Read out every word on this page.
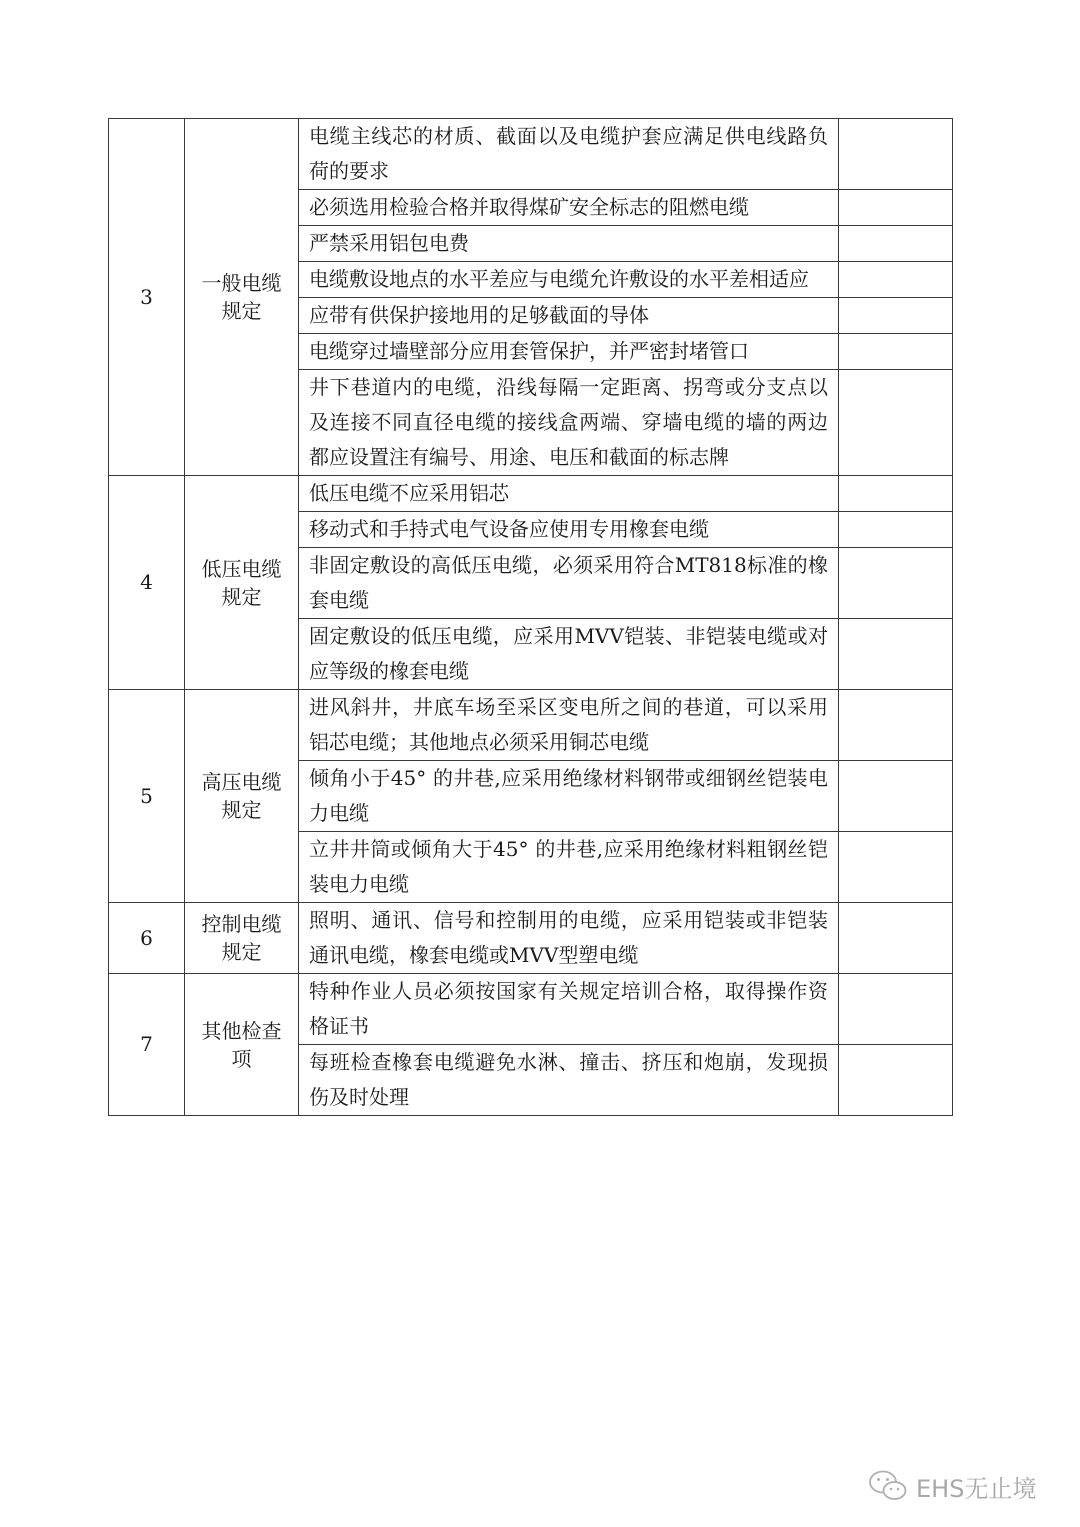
3	一般电缆规定	电缆主线芯的材质、截面以及电缆护套应满足供电线路负荷的要求	
		必须选用检验合格并取得煤矿安全标志的阻燃电缆	
		严禁采用铝包电费	
		电缆敷设地点的水平差应与电缆允许敷设的水平差相适应	
		应带有供保护接地用的足够截面的导体	
		电缆穿过墙壁部分应用套管保护，并严密封堵管口	
		井下巷道内的电缆，沿线每隔一定距离、拐弯或分支点以及连接不同直径电缆的接线盒两端、穿墙电缆的墙的两边都应设置注有编号、用途、电压和截面的标志牌	
4	低压电缆规定	低压电缆不应采用铝芯	
		移动式和手持式电气设备应使用专用橡套电缆	
		非固定敷设的高低压电缆，必须采用符合MT818标准的橡套电缆	
		固定敷设的低压电缆，应采用MVV铠装、非铠装电缆或对应等级的橡套电缆	
5	高压电缆规定	进风斜井，井底车场至采区变电所之间的巷道，可以采用铝芯电缆；其他地点必须采用铜芯电缆	
		倾角小于45° 的井巷,应采用绝缘材料钢带或细钢丝铠装电力电缆	
		立井井筒或倾角大于45° 的井巷,应采用绝缘材料粗钢丝铠装电力电缆	
6	控制电缆规定	照明、通讯、信号和控制用的电缆，应采用铠装或非铠装通讯电缆，橡套电缆或MVV型塑电缆	
7	其他检查项	特种作业人员必须按国家有关规定培训合格，取得操作资格证书	
		每班检查橡套电缆避免水淋、撞击、挤压和炮崩，发现损伤及时处理	
EHS无止境
